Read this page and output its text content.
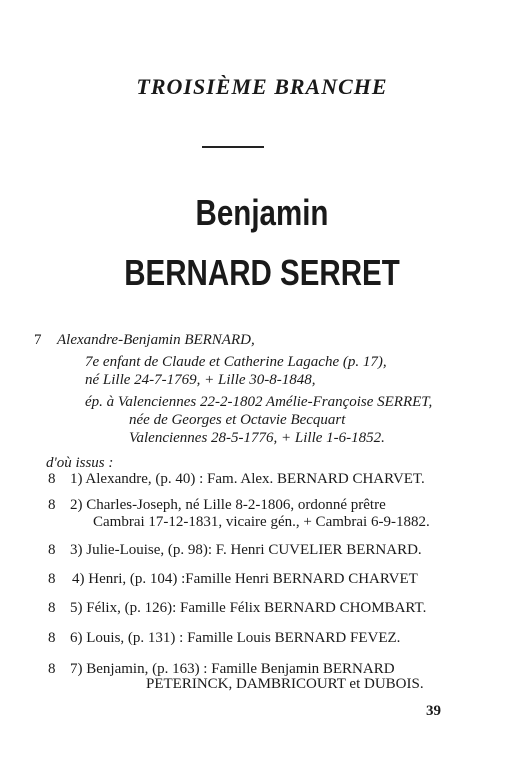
TROISIÈME BRANCHE
Benjamin
BERNARD SERRET
7 Alexandre-Benjamin BERNARD,
7e enfant de Claude et Catherine Lagache (p. 17),
né Lille 24-7-1769, + Lille 30-8-1848,
ép. à Valenciennes 22-2-1802 Amélie-Françoise SERRET,
née de Georges et Octavie Becquart
Valenciennes 28-5-1776, + Lille 1-6-1852.
d'où issus :
8 1) Alexandre, (p. 40) : Fam. Alex. BERNARD CHARVET.
8 2) Charles-Joseph, né Lille 8-2-1806, ordonné prêtre
Cambrai 17-12-1831, vicaire gén., + Cambrai 6-9-1882.
8 3) Julie-Louise, (p. 98): F. Henri CUVELIER BERNARD.
8 4) Henri, (p. 104) :Famille Henri BERNARD CHARVET
8 5) Félix, (p. 126): Famille Félix BERNARD CHOMBART.
8 6) Louis, (p. 131) : Famille Louis BERNARD FEVEZ.
8 7) Benjamin, (p. 163) : Famille Benjamin BERNARD
PETERINCK, DAMBRICOURT et DUBOIS.
39
